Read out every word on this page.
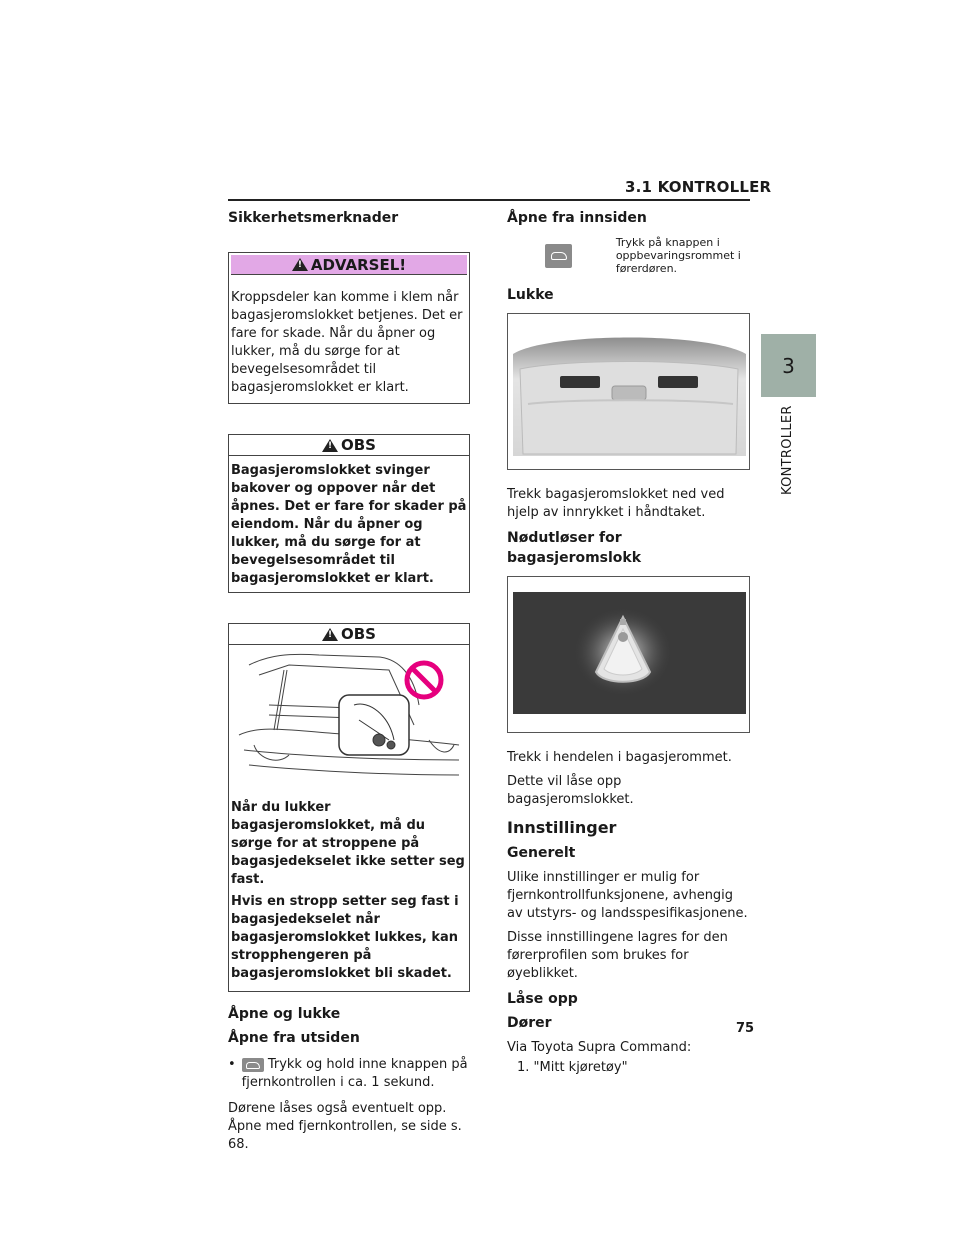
3.1 KONTROLLER
3
KONTROLLER
Sikkerhetsmerknader
!
ADVARSEL!
Kroppsdeler kan komme i klem når bagasjeromslokket betjenes. Det er fare for skade. Når du åpner og lukker, må du sørge for at bevegelsesområdet til bagasjeromslokket er klart.
!
OBS
Bagasjeromslokket svinger bakover og oppover når det åpnes. Det er fare for skader på eiendom. Når du åpner og lukker, må du sørge for at bevegelsesområdet til bagasjeromslokket er klart.
!
OBS

Når du lukker bagasjeromslokket, må du sørge for at stroppene på bagasjedekselet ikke setter seg fast.

Hvis en stropp setter seg fast i bagasjedekselet når bagasjeromslokket lukkes, kan stropphengeren på bagasjeromslokket bli skadet.

Åpne og lukke
Åpne fra utsiden
•	Trykk og hold inne knappen på fjernkontrollen i ca. 1 sekund.

Dørene låses også eventuelt opp. Åpne med fjernkontrollen, se side s. 68.

Åpne fra innsiden
Trykk på knappen i oppbevaringsrommet i førerdøren.
Lukke

Trekk bagasjeromslokket ned ved hjelp av innrykket i håndtaket.

Nødutløser for bagasjeromslokk

Trekk i hendelen i bagasjerommet.

Dette vil låse opp bagasjeromslokket.

Innstillinger
Generelt

Ulike innstillinger er mulig for fjernkontrollfunksjonene, avhengig av utstyrs- og landsspesifikasjonene.

Disse innstillingene lagres for den førerprofilen som brukes for øyeblikket.

Låse opp
Dører

Via Toyota Supra Command:

1. "Mitt kjøretøy"

75
